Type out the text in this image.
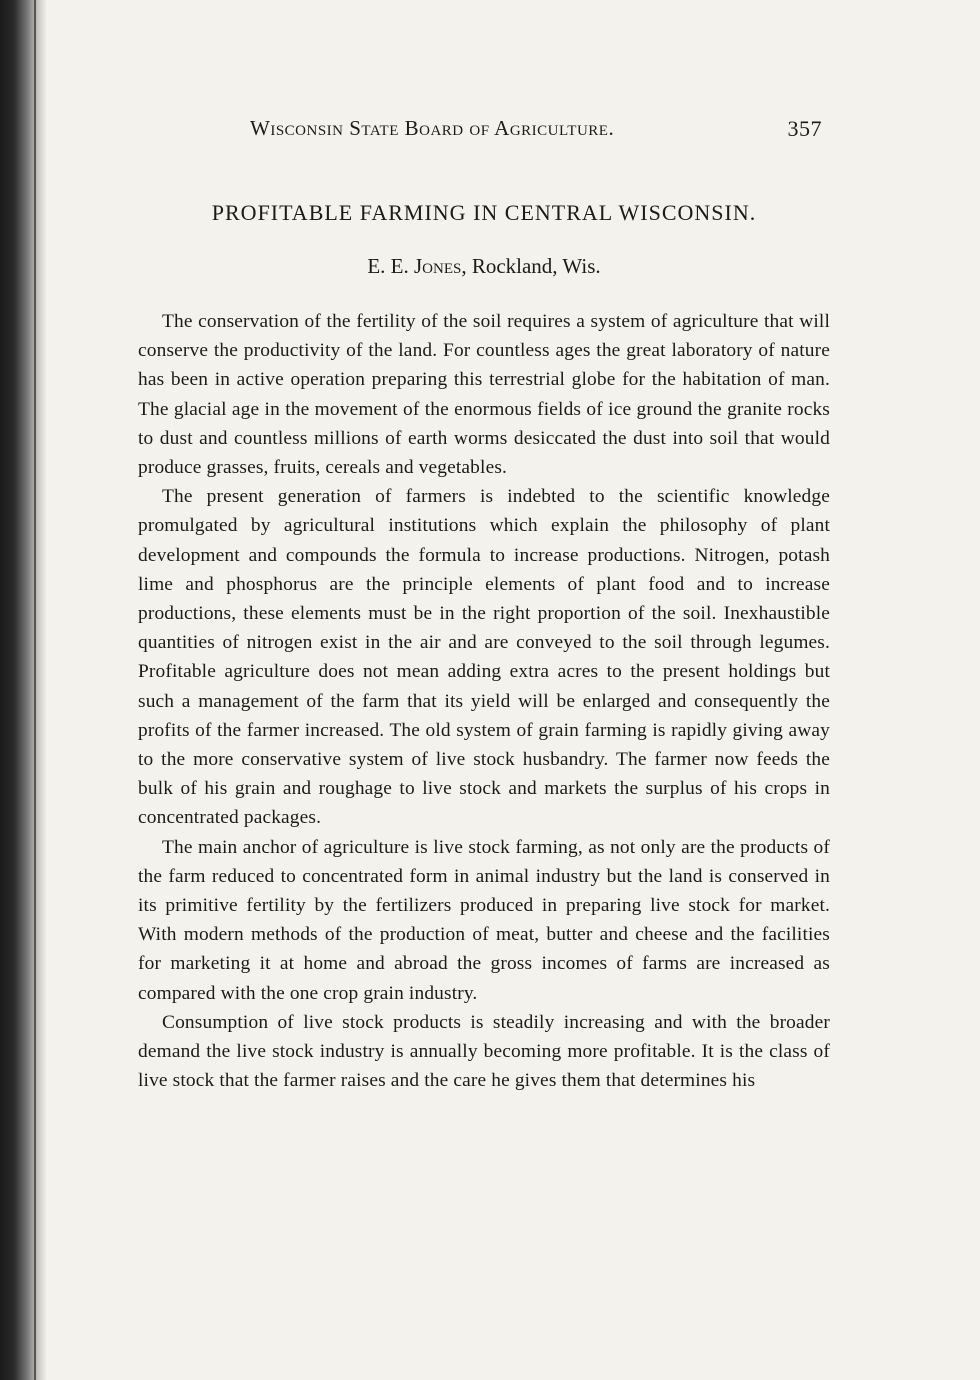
Wisconsin State Board of Agriculture.	357
PROFITABLE FARMING IN CENTRAL WISCONSIN.
E. E. Jones, Rockland, Wis.

The conservation of the fertility of the soil requires a system of agriculture that will conserve the productivity of the land. For countless ages the great laboratory of nature has been in active operation preparing this terrestrial globe for the habitation of man. The glacial age in the movement of the enormous fields of ice ground the granite rocks to dust and countless millions of earth worms desiccated the dust into soil that would produce grasses, fruits, cereals and vegetables.

The present generation of farmers is indebted to the scientific knowledge promulgated by agricultural institutions which explain the philosophy of plant development and compounds the formula to increase productions. Nitrogen, potash lime and phosphorus are the principle elements of plant food and to increase productions, these elements must be in the right proportion of the soil. Inexhaustible quantities of nitrogen exist in the air and are conveyed to the soil through legumes. Profitable agriculture does not mean adding extra acres to the present holdings but such a management of the farm that its yield will be enlarged and consequently the profits of the farmer increased. The old system of grain farming is rapidly giving away to the more conservative system of live stock husbandry. The farmer now feeds the bulk of his grain and roughage to live stock and markets the surplus of his crops in concentrated packages.

The main anchor of agriculture is live stock farming, as not only are the products of the farm reduced to concentrated form in animal industry but the land is conserved in its primitive fertility by the fertilizers produced in preparing live stock for market. With modern methods of the production of meat, butter and cheese and the facilities for marketing it at home and abroad the gross incomes of farms are increased as compared with the one crop grain industry.

Consumption of live stock products is steadily increasing and with the broader demand the live stock industry is annually becoming more profitable. It is the class of live stock that the farmer raises and the care he gives them that determines his
